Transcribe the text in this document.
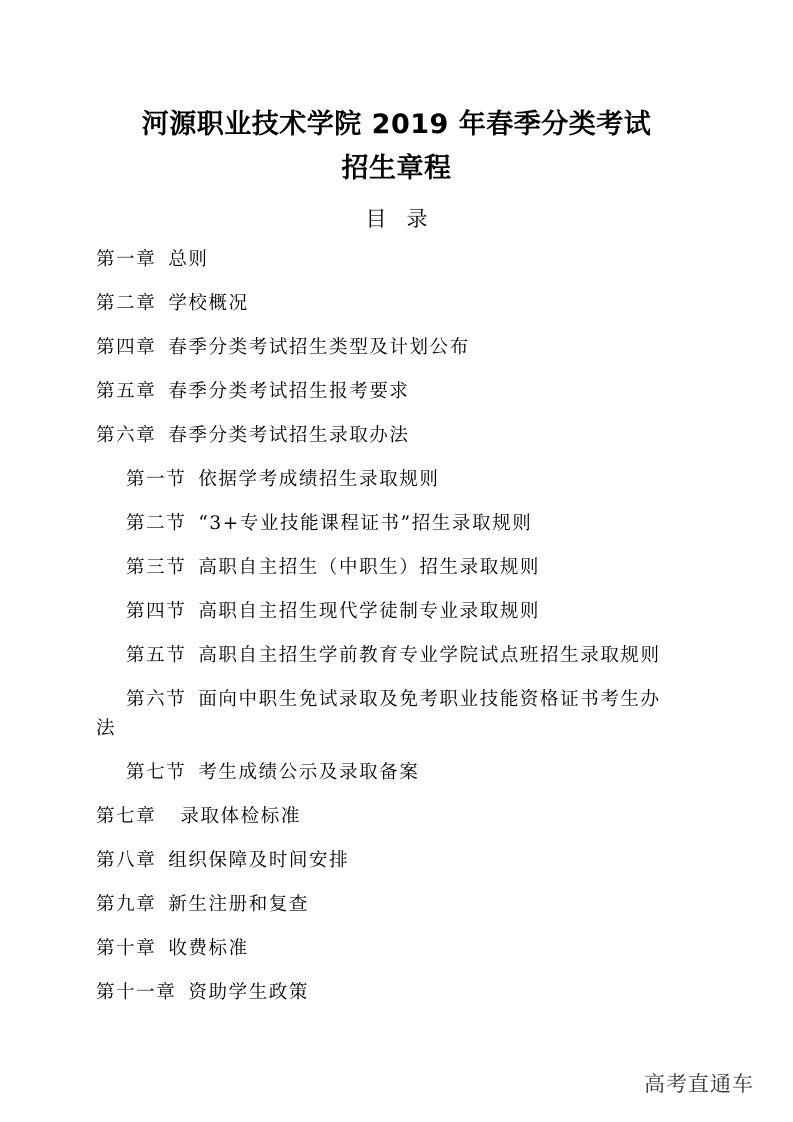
河源职业技术学院 2019 年春季分类考试
招生章程
目录
第一章 总则
第二章 学校概况
第四章 春季分类考试招生类型及计划公布
第五章 春季分类考试招生报考要求
第六章 春季分类考试招生录取办法
第一节 依据学考成绩招生录取规则
第二节 “3+专业技能课程证书”招生录取规则
第三节 高职自主招生（中职生）招生录取规则
第四节 高职自主招生现代学徒制专业录取规则
第五节 高职自主招生学前教育专业学院试点班招生录取规则
第六节 面向中职生免试录取及免考职业技能资格证书考生办
法
第七节 考生成绩公示及录取备案
第七章 录取体检标准
第八章 组织保障及时间安排
第九章 新生注册和复查
第十章 收费标准
第十一章 资助学生政策
高考直通车
